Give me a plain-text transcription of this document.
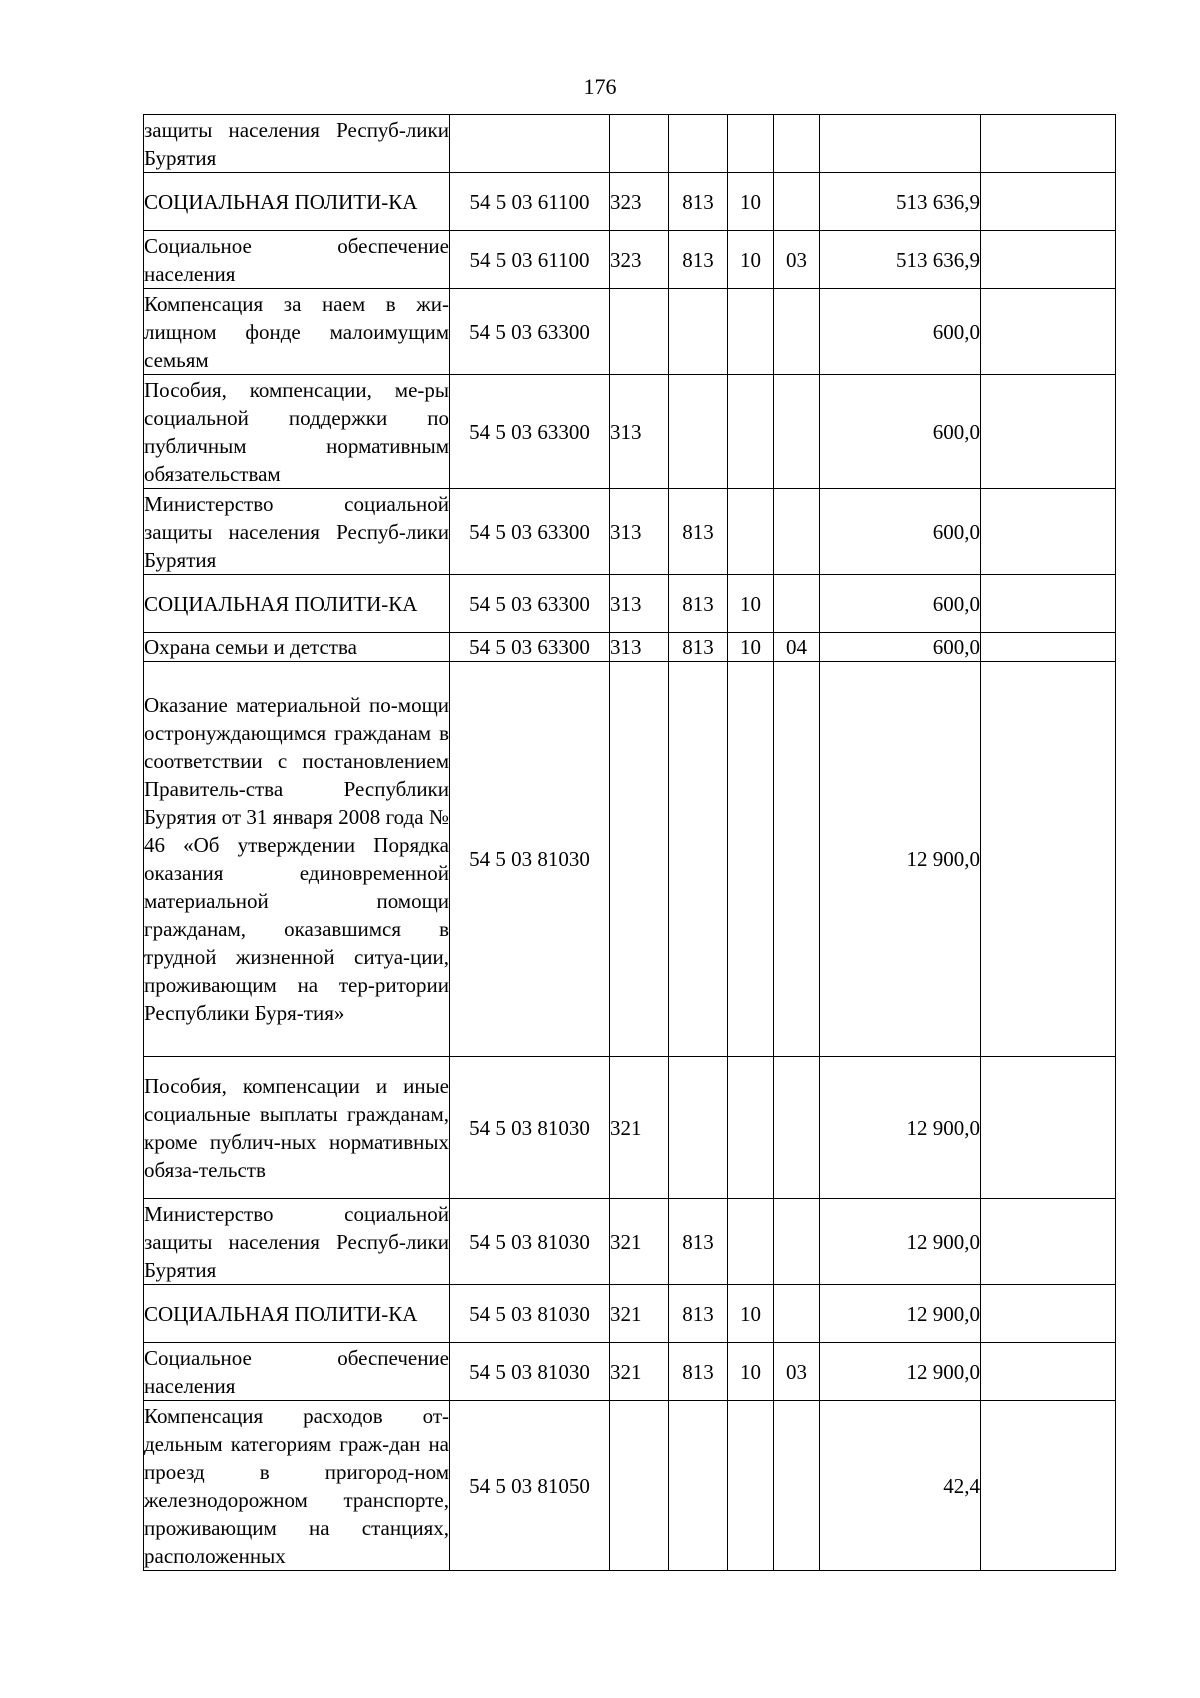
176
защиты населения Респуб-лики Бурятия							
СОЦИАЛЬНАЯ ПОЛИТИ-КА	54 5 03 61100	323	813	10		513 636,9	
Социальное обеспечение населения	54 5 03 61100	323	813	10	03	513 636,9	
Компенсация за наем в жи-лищном фонде малоимущим семьям	54 5 03 63300					600,0	
Пособия, компенсации, ме-ры социальной поддержки по публичным нормативным обязательствам	54 5 03 63300	313				600,0	
Министерство социальной защиты населения Респуб-лики Бурятия	54 5 03 63300	313	813			600,0	
СОЦИАЛЬНАЯ ПОЛИТИ-КА	54 5 03 63300	313	813	10		600,0	
Охрана семьи и детства	54 5 03 63300	313	813	10	04	600,0	
Оказание материальной по-мощи остронуждающимся гражданам в соответствии с постановлением Правитель-ства Республики Бурятия от 31 января 2008 года № 46 «Об утверждении Порядка оказания единовременной материальной помощи гражданам, оказавшимся в трудной жизненной ситуа-ции, проживающим на тер-ритории Республики Буря-тия»	54 5 03 81030					12 900,0	
Пособия, компенсации и иные социальные выплаты гражданам, кроме публич-ных нормативных обяза-тельств	54 5 03 81030	321				12 900,0	
Министерство социальной защиты населения Респуб-лики Бурятия	54 5 03 81030	321	813			12 900,0	
СОЦИАЛЬНАЯ ПОЛИТИ-КА	54 5 03 81030	321	813	10		12 900,0	
Социальное обеспечение населения	54 5 03 81030	321	813	10	03	12 900,0	
Компенсация расходов от-дельным категориям граж-дан на проезд в пригород-ном железнодорожном транспорте, проживающим на станциях, расположенных	54 5 03 81050					42,4	
